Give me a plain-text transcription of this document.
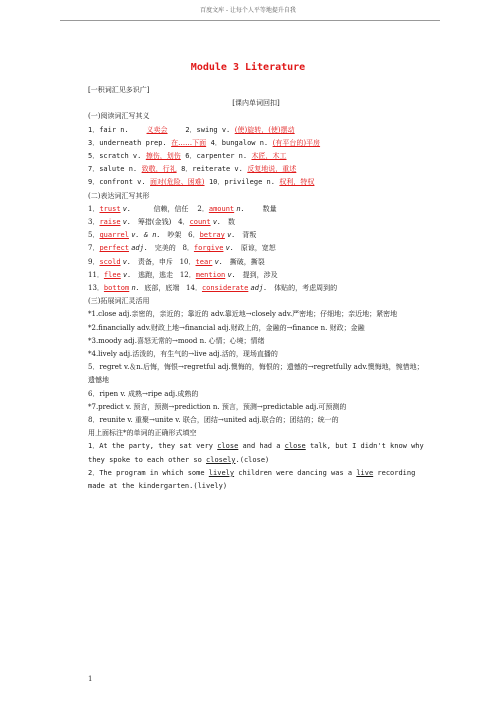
百度文库 - 让每个人平等地提升自我
Module 3 Literature
[一积词汇见多识广]
[课内单词回扣]
(一)阅读词汇写其义
1．fair n.	义卖会	2．swing v. (使)旋转，(使)摆动
3．underneath prep. 在……下面 4．bungalow n. (有平台的)平房
5．scratch v. 擦伤，划伤 6．carpenter n. 木匠，木工
7．salute n. 致敬，行礼 8．reiterate v. 反复地说，重述
9．confront v. 面对(危险、困难) 10．privilege n. 权利，特权
(二)表达词汇写其形
1．trust v.	信赖，信任 2．amount n.	数量
3．raise v. 筹措(金钱) 4．count v. 数
5．quarrel v. & n. 吵架 6．betray v. 背叛
7．perfect adj. 完美的 8．forgive v. 原谅，宽恕
9．scold v. 责备，申斥 10．tear v. 撕破，撕裂
11．flee v. 逃跑，逃走 12．mention v. 提到，涉及
13．bottom n. 底部，底端 14．considerate adj. 体贴的，考虑周到的
(三)拓展词汇灵活用
*1.close adj.亲密的，亲近的；靠近的 adv.靠近地→closely adv.严密地；仔细地；亲近地；紧密地
*2.financially adv.财政上地→financial adj.财政上的，金融的→finance n. 财政；金融
*3.moody adj.喜怒无常的→mood n. 心情；心境；情绪
*4.lively adj.活泼的，有生气的→live adj.活的，现场直播的
5．regret v.＆n.后悔，悔恨→regretful adj.懊悔的，悔恨的；遗憾的→regretfully adv.懊悔地，惋惜地；遗憾地
6．ripen v. 成熟→ripe adj.成熟的
*7.predict v. 预言，预测→prediction n. 预言，预测→predictable adj.可预测的
8．reunite v. 重聚→unite v. 联合，团结→united adj.联合的；团结的；统一的
用上面标注*的单词的正确形式填空
1．At the party, they sat very close and had a close talk, but I didn't know why they spoke to each other so closely.(close)
2．The program in which some lively children were dancing was a live recording made at the kindergarten.(lively)
1
